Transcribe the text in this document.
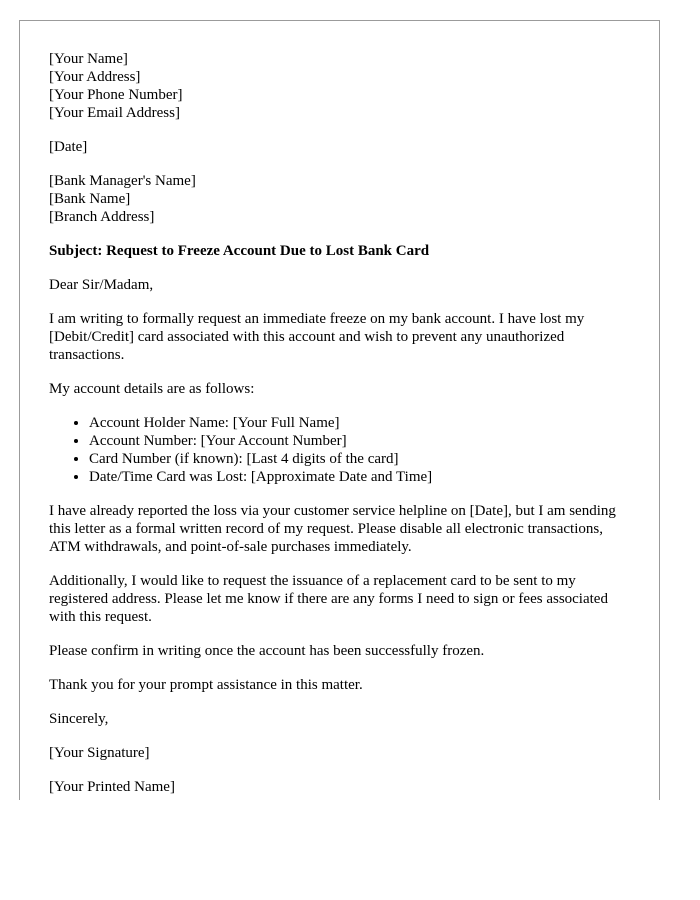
[Your Name]

[Your Address]

[Your Phone Number]

[Your Email Address]

[Date]

[Bank Manager's Name]

[Bank Name]

[Branch Address]

Subject: Request to Freeze Account Due to Lost Bank Card

Dear Sir/Madam,

I am writing to formally request an immediate freeze on my bank account. I have lost my [Debit/Credit] card associated with this account and wish to prevent any unauthorized transactions.

My account details are as follows:

• Account Holder Name: [Your Full Name]
• Account Number: [Your Account Number]
• Card Number (if known): [Last 4 digits of the card]
• Date/Time Card was Lost: [Approximate Date and Time]

I have already reported the loss via your customer service helpline on [Date], but I am sending this letter as a formal written record of my request. Please disable all electronic transactions, ATM withdrawals, and point-of-sale purchases immediately.

Additionally, I would like to request the issuance of a replacement card to be sent to my registered address. Please let me know if there are any forms I need to sign or fees associated with this request.

Please confirm in writing once the account has been successfully frozen.

Thank you for your prompt assistance in this matter.

Sincerely,

[Your Signature]

[Your Printed Name]
